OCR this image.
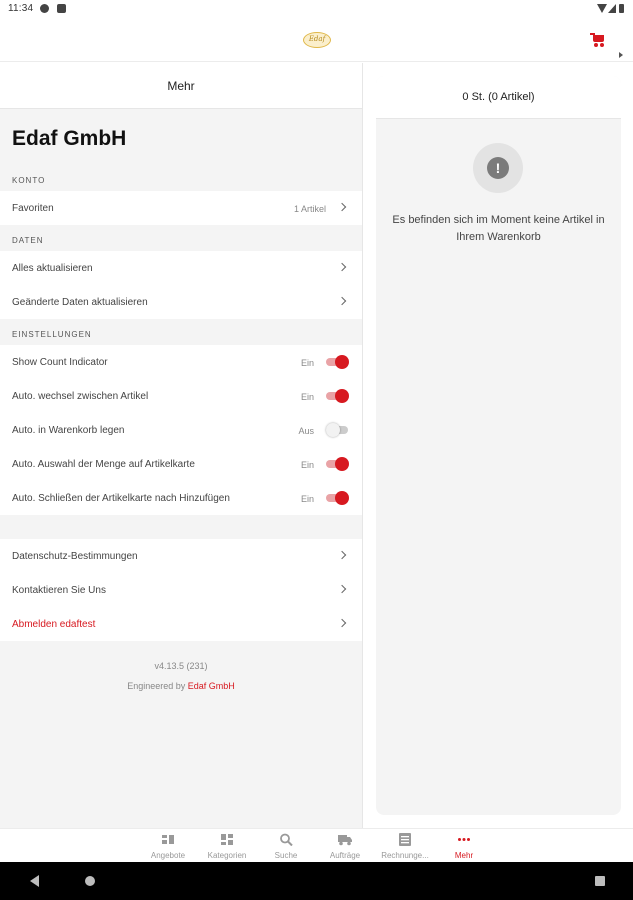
11:34
Edaf
Mehr
Edaf GmbH
KONTO
Favoriten	1 Artikel
DATEN
Alles aktualisieren
Geänderte Daten aktualisieren
EINSTELLUNGEN
Show Count Indicator	Ein
Auto. wechsel zwischen Artikel	Ein
Auto. in Warenkorb legen	Aus
Auto. Auswahl der Menge auf Artikelkarte	Ein
Auto. Schließen der Artikelkarte nach Hinzufügen	Ein
Datenschutz-Bestimmungen
Kontaktieren Sie Uns
Abmelden edaftest
v4.13.5 (231)
Engineered by Edaf GmbH
0 St. (0 Artikel)
!
Es befinden sich im Moment keine Artikel in Ihrem Warenkorb
Angebote	Kategorien	Suche	Aufträge	Rechnunge...	Mehr
